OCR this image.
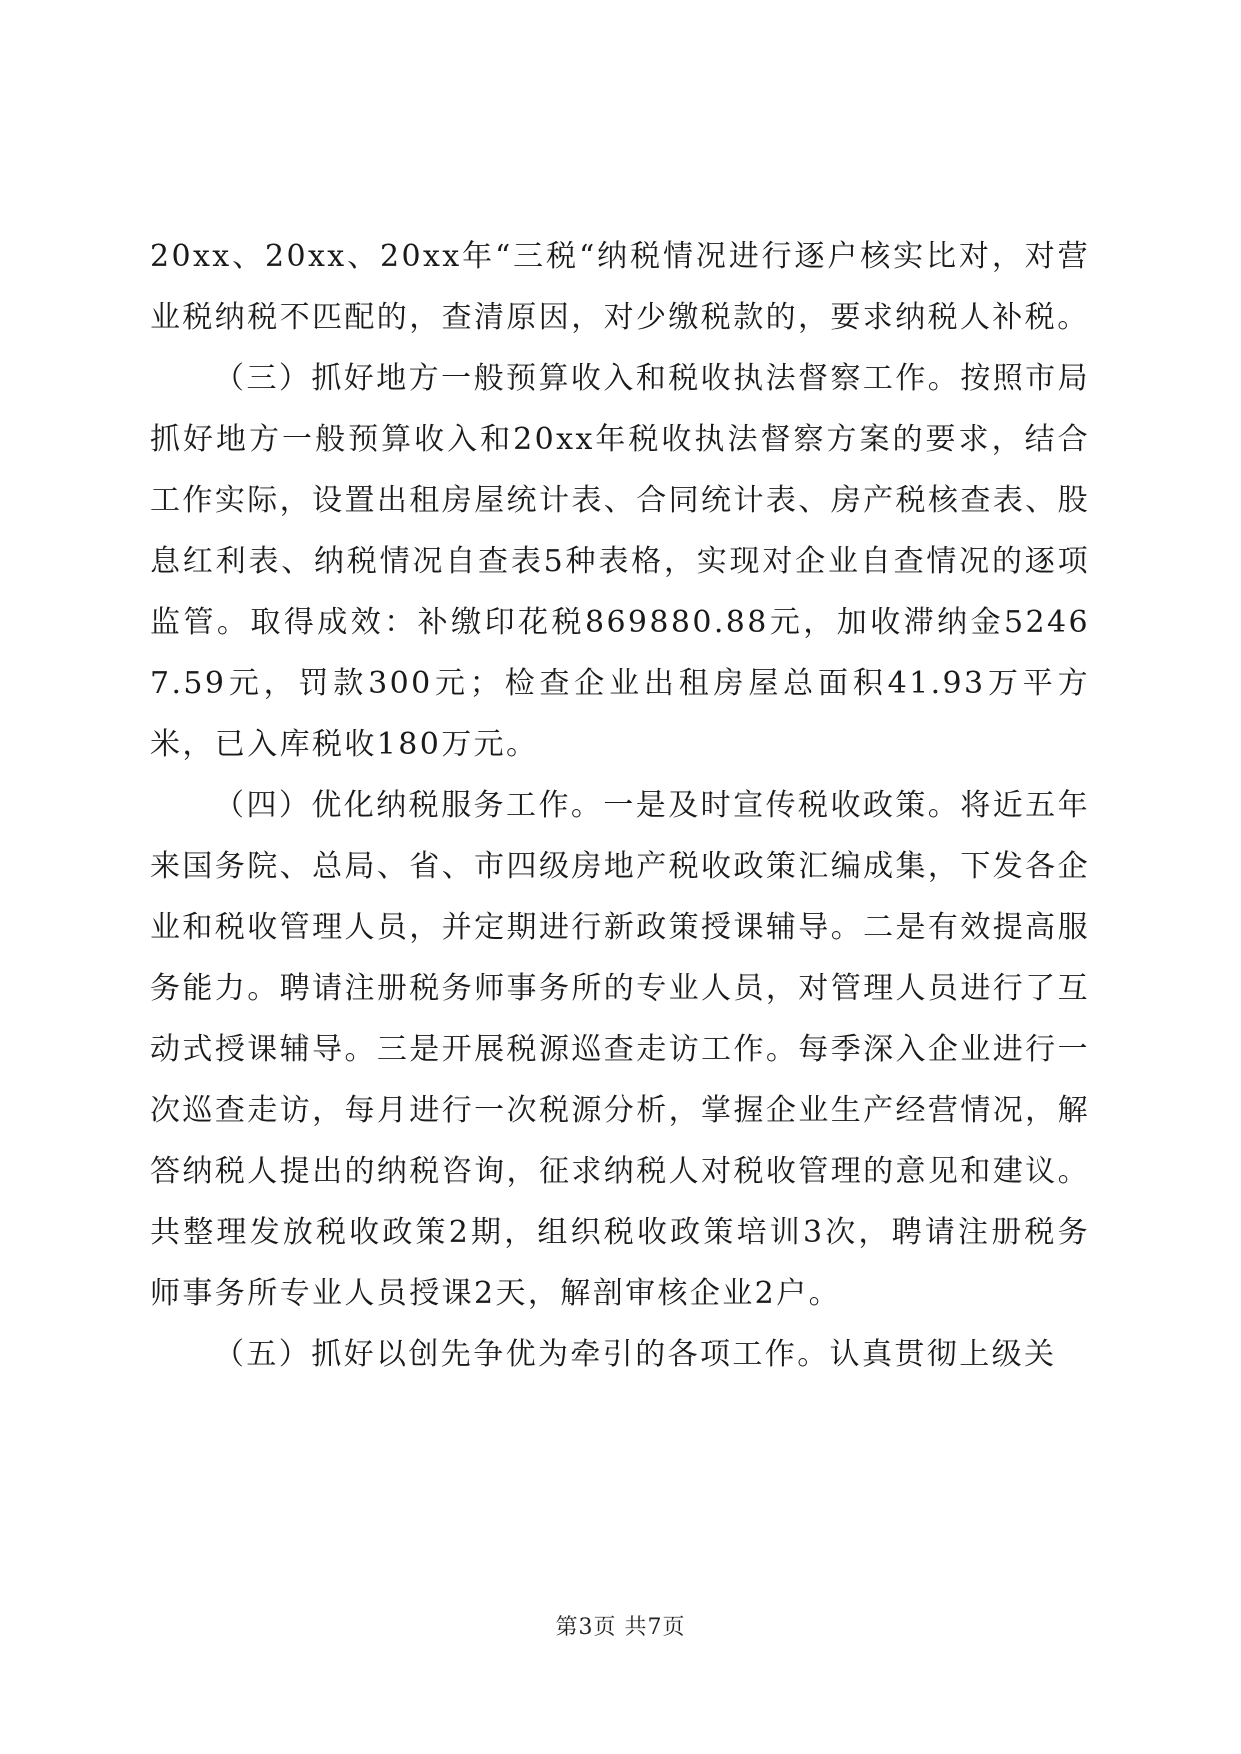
20xx、20xx、20xx年“三税“纳税情况进行逐户核实比对，对营业税纳税不匹配的，查清原因，对少缴税款的，要求纳税人补税。

（三）抓好地方一般预算收入和税收执法督察工作。按照市局抓好地方一般预算收入和20xx年税收执法督察方案的要求，结合工作实际，设置出租房屋统计表、合同统计表、房产税核查表、股息红利表、纳税情况自查表5种表格，实现对企业自查情况的逐项监管。取得成效：补缴印花税869880.88元，加收滞纳金52467.59元，罚款300元；检查企业出租房屋总面积41.93万平方米，已入库税收180万元。

（四）优化纳税服务工作。一是及时宣传税收政策。将近五年来国务院、总局、省、市四级房地产税收政策汇编成集，下发各企业和税收管理人员，并定期进行新政策授课辅导。二是有效提高服务能力。聘请注册税务师事务所的专业人员，对管理人员进行了互动式授课辅导。三是开展税源巡查走访工作。每季深入企业进行一次巡查走访，每月进行一次税源分析，掌握企业生产经营情况，解答纳税人提出的纳税咨询，征求纳税人对税收管理的意见和建议。共整理发放税收政策2期，组织税收政策培训3次，聘请注册税务师事务所专业人员授课2天，解剖审核企业2户。

（五）抓好以创先争优为牵引的各项工作。认真贯彻上级关

第3页 共7页
